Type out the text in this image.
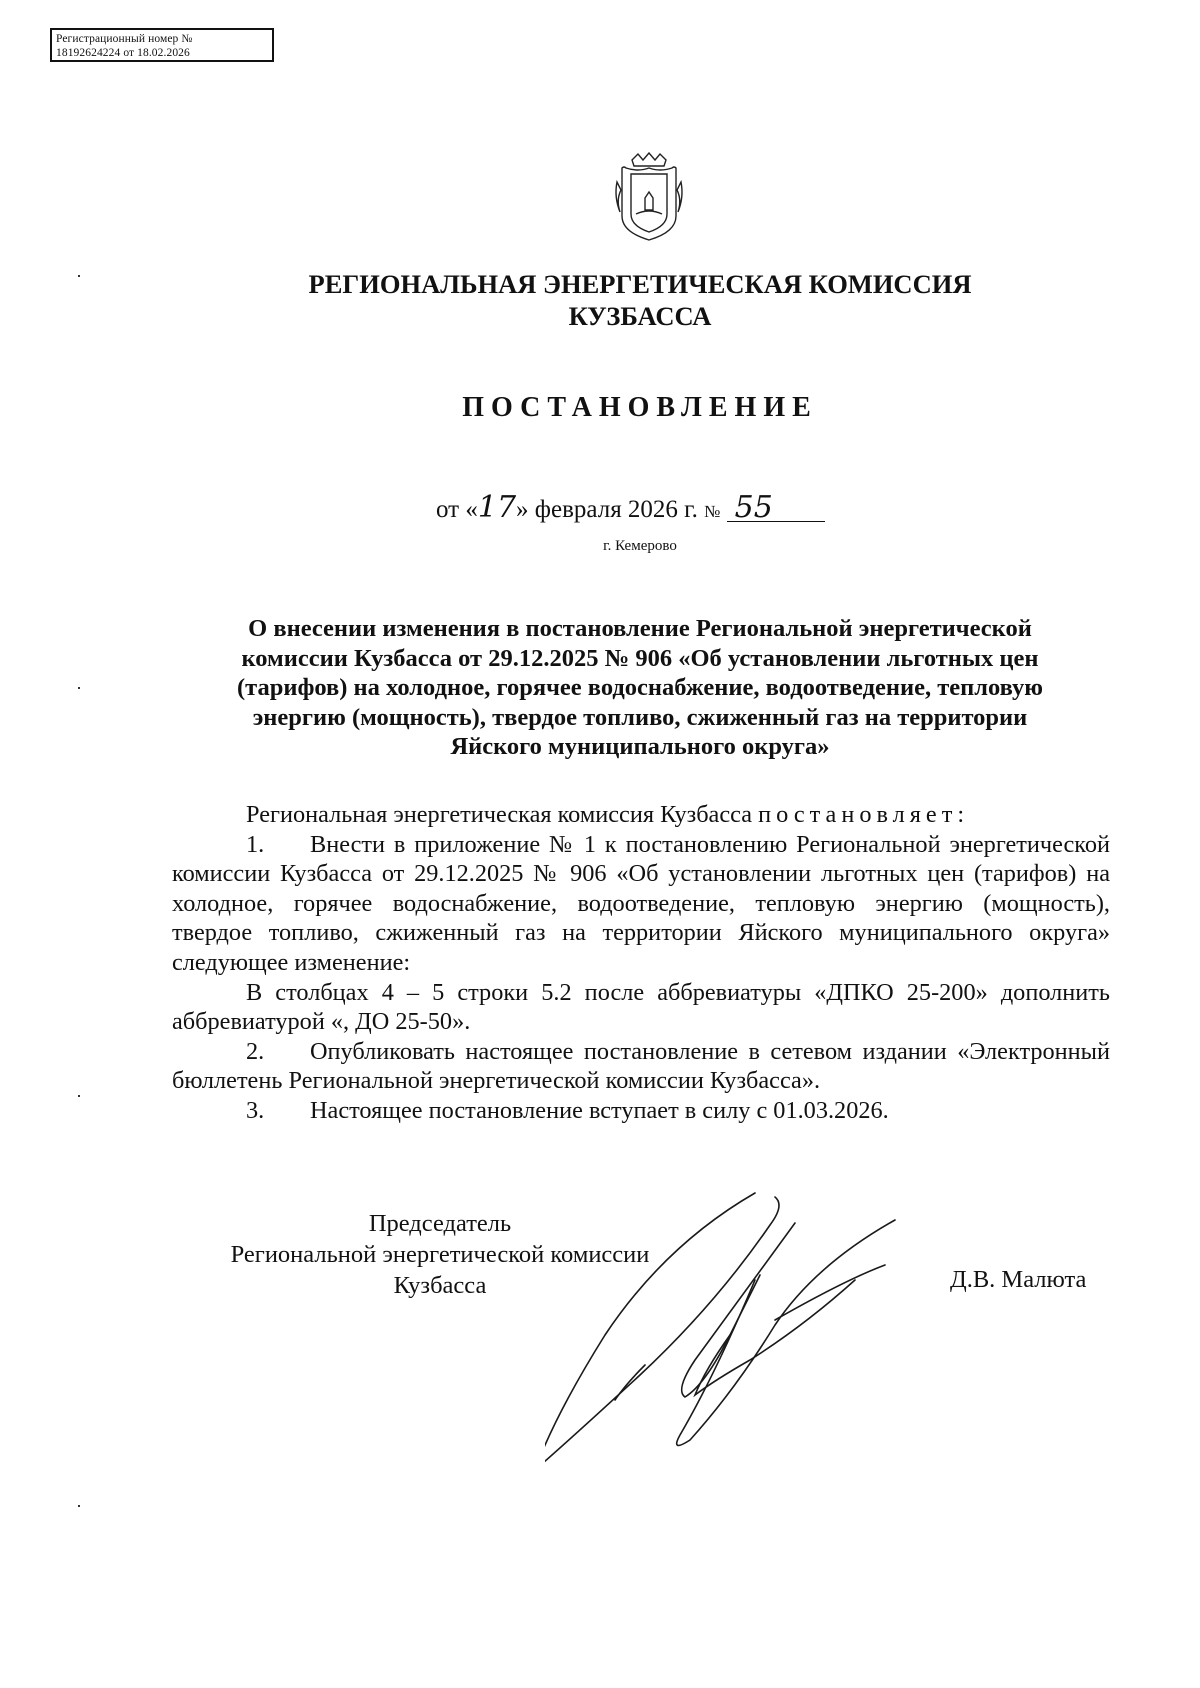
Регистрационный номер №
18192624224 от 18.02.2026
РЕГИОНАЛЬНАЯ ЭНЕРГЕТИЧЕСКАЯ КОМИССИЯ
КУЗБАССА
ПОСТАНОВЛЕНИЕ
от «17» февраля 2026 г. № 55
г. Кемерово
О внесении изменения в постановление Региональной энергетической
комиссии Кузбасса от 29.12.2025 № 906 «Об установлении льготных цен
(тарифов) на холодное, горячее водоснабжение, водоотведение, тепловую
энергию (мощность), твердое топливо, сжиженный газ на территории
Яйского муниципального округа»

Региональная энергетическая комиссия Кузбасса постановляет:

1. Внести в приложение № 1 к постановлению Региональной энергетической комиссии Кузбасса от 29.12.2025 № 906 «Об установлении льготных цен (тарифов) на холодное, горячее водоснабжение, водоотведение, тепловую энергию (мощность), твердое топливо, сжиженный газ на территории Яйского муниципального округа» следующее изменение:

В столбцах 4 – 5 строки 5.2 после аббревиатуры «ДПКО 25-200» дополнить аббревиатурой «, ДО 25-50».

2. Опубликовать настоящее постановление в сетевом издании «Электронный бюллетень Региональной энергетической комиссии Кузбасса».

3. Настоящее постановление вступает в силу с 01.03.2026.

Председатель
Региональной энергетической комиссии
Кузбасса	Д.В. Малюта
